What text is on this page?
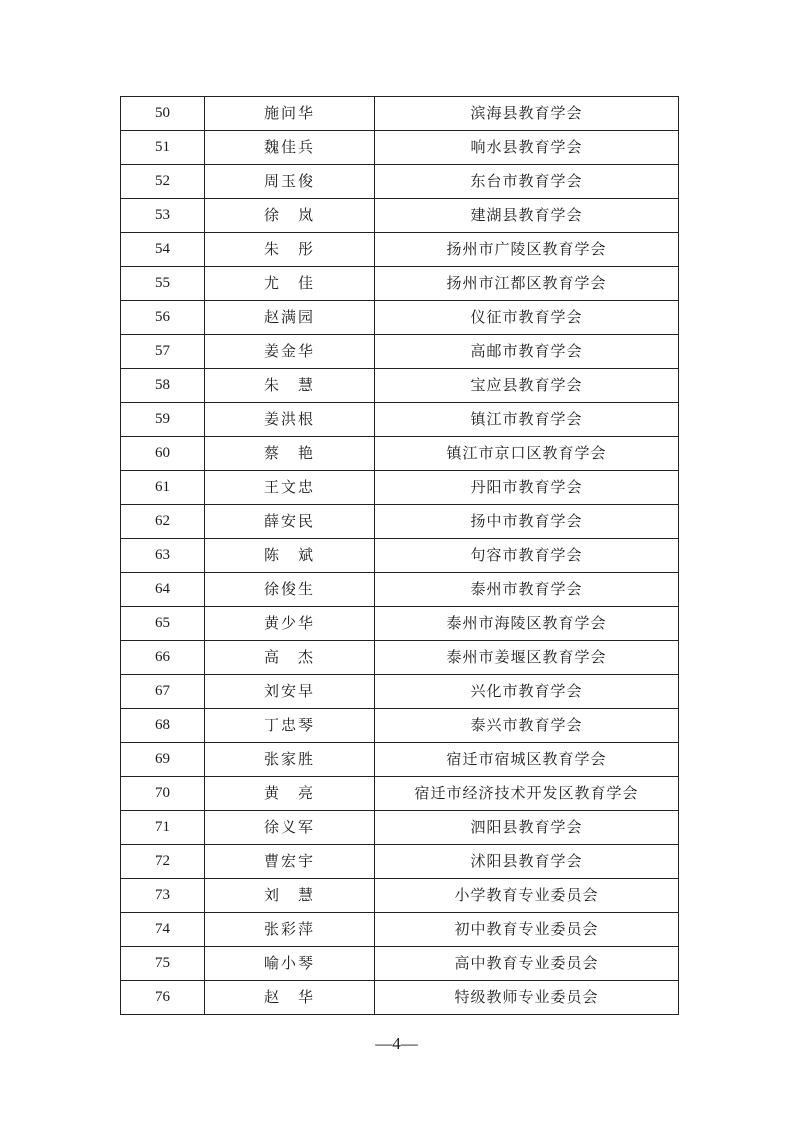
50	施问华	滨海县教育学会
51	魏佳兵	响水县教育学会
52	周玉俊	东台市教育学会
53	徐　岚	建湖县教育学会
54	朱　彤	扬州市广陵区教育学会
55	尤　佳	扬州市江都区教育学会
56	赵满园	仪征市教育学会
57	姜金华	高邮市教育学会
58	朱　慧	宝应县教育学会
59	姜洪根	镇江市教育学会
60	蔡　艳	镇江市京口区教育学会
61	王文忠	丹阳市教育学会
62	薛安民	扬中市教育学会
63	陈　斌	句容市教育学会
64	徐俊生	泰州市教育学会
65	黄少华	泰州市海陵区教育学会
66	高　杰	泰州市姜堰区教育学会
67	刘安早	兴化市教育学会
68	丁忠琴	泰兴市教育学会
69	张家胜	宿迁市宿城区教育学会
70	黄　亮	宿迁市经济技术开发区教育学会
71	徐义军	泗阳县教育学会
72	曹宏宇	沭阳县教育学会
73	刘　慧	小学教育专业委员会
74	张彩萍	初中教育专业委员会
75	喻小琴	高中教育专业委员会
76	赵　华	特级教师专业委员会
—4—
